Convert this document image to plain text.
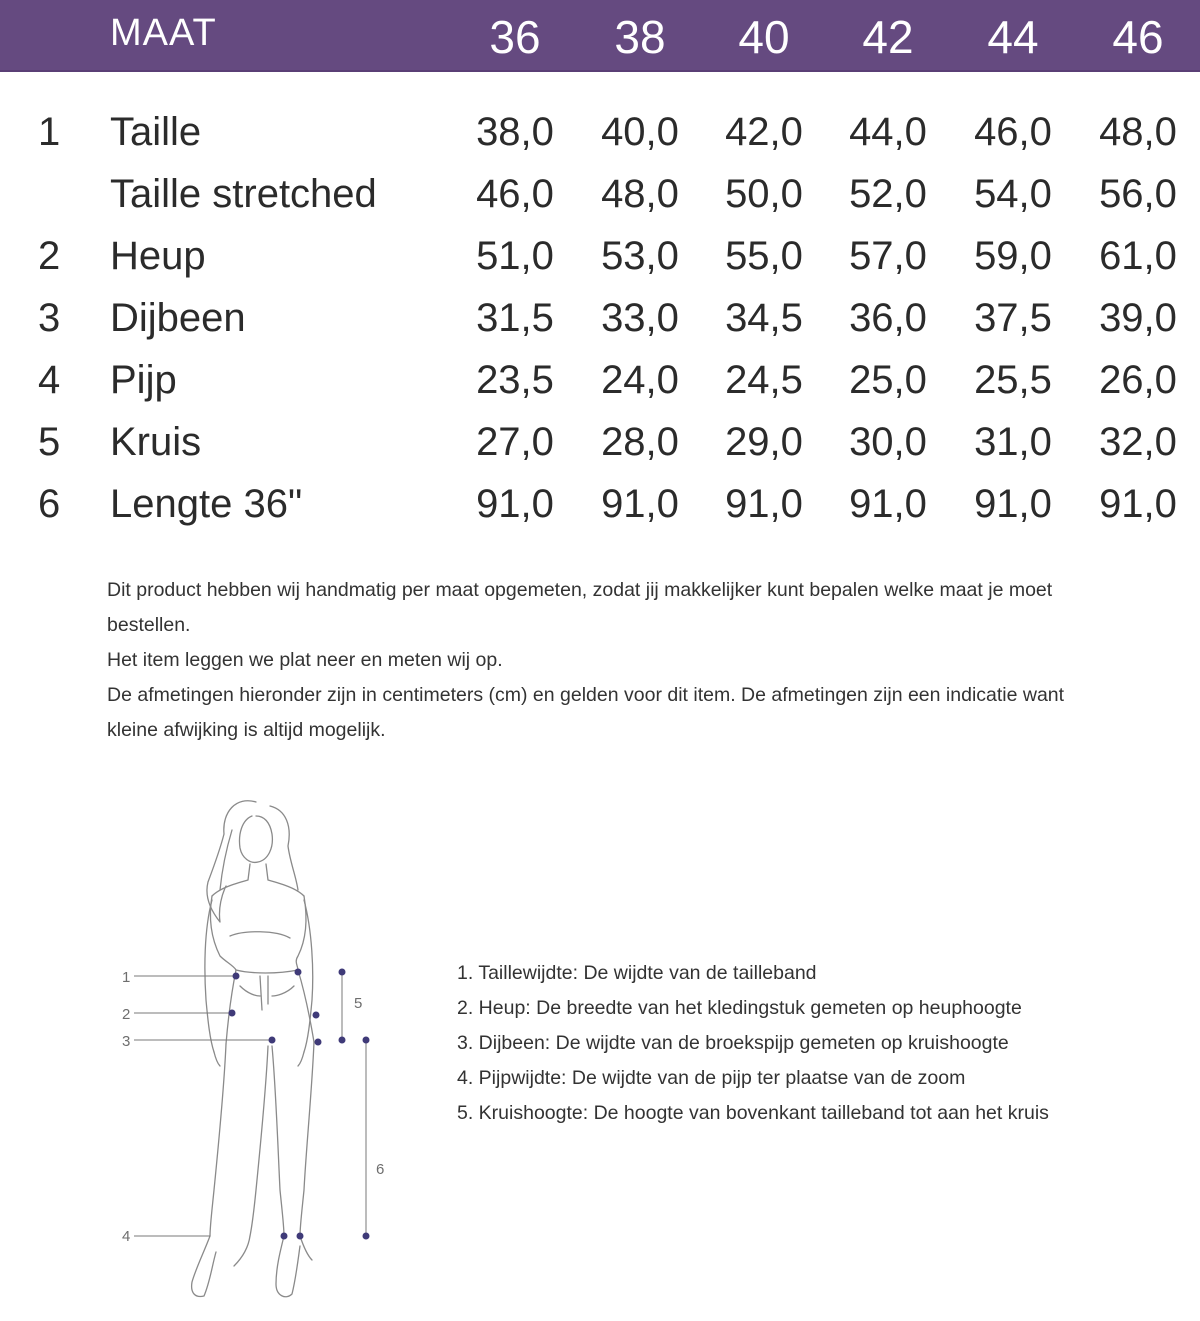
MAAT	36	38	40	42	44	46
1 Taille	38,0 40,0 42,0 44,0 46,0 48,0
Taille stretched 46,0 48,0 50,0 52,0 54,0 56,0
2 Heup	51,0 53,0 55,0 57,0 59,0 61,0
3 Dijbeen	31,5 33,0 34,5 36,0 37,5 39,0
4 Pijp	23,5 24,0 24,5 25,0 25,5 26,0
5 Kruis	27,0 28,0 29,0 30,0 31,0 32,0
6 Lengte 36"	91,0 91,0 91,0 91,0 91,0 91,0

Dit product hebben wij handmatig per maat opgemeten, zodat jij makkelijker kunt bepalen welke maat je moet bestellen.

Het item leggen we plat neer en meten wij op.

De afmetingen hieronder zijn in centimeters (cm) en gelden voor dit item. De afmetingen zijn een indicatie want kleine afwijking is altijd mogelijk.

1
2
3
4
5
6

1. Taillewijdte: De wijdte van de tailleband

2. Heup: De breedte van het kledingstuk gemeten op heuphoogte

3. Dijbeen: De wijdte van de broekspijp gemeten op kruishoogte

4. Pijpwijdte: De wijdte van de pijp ter plaatse van de zoom

5. Kruishoogte: De hoogte van bovenkant tailleband tot aan het kruis
